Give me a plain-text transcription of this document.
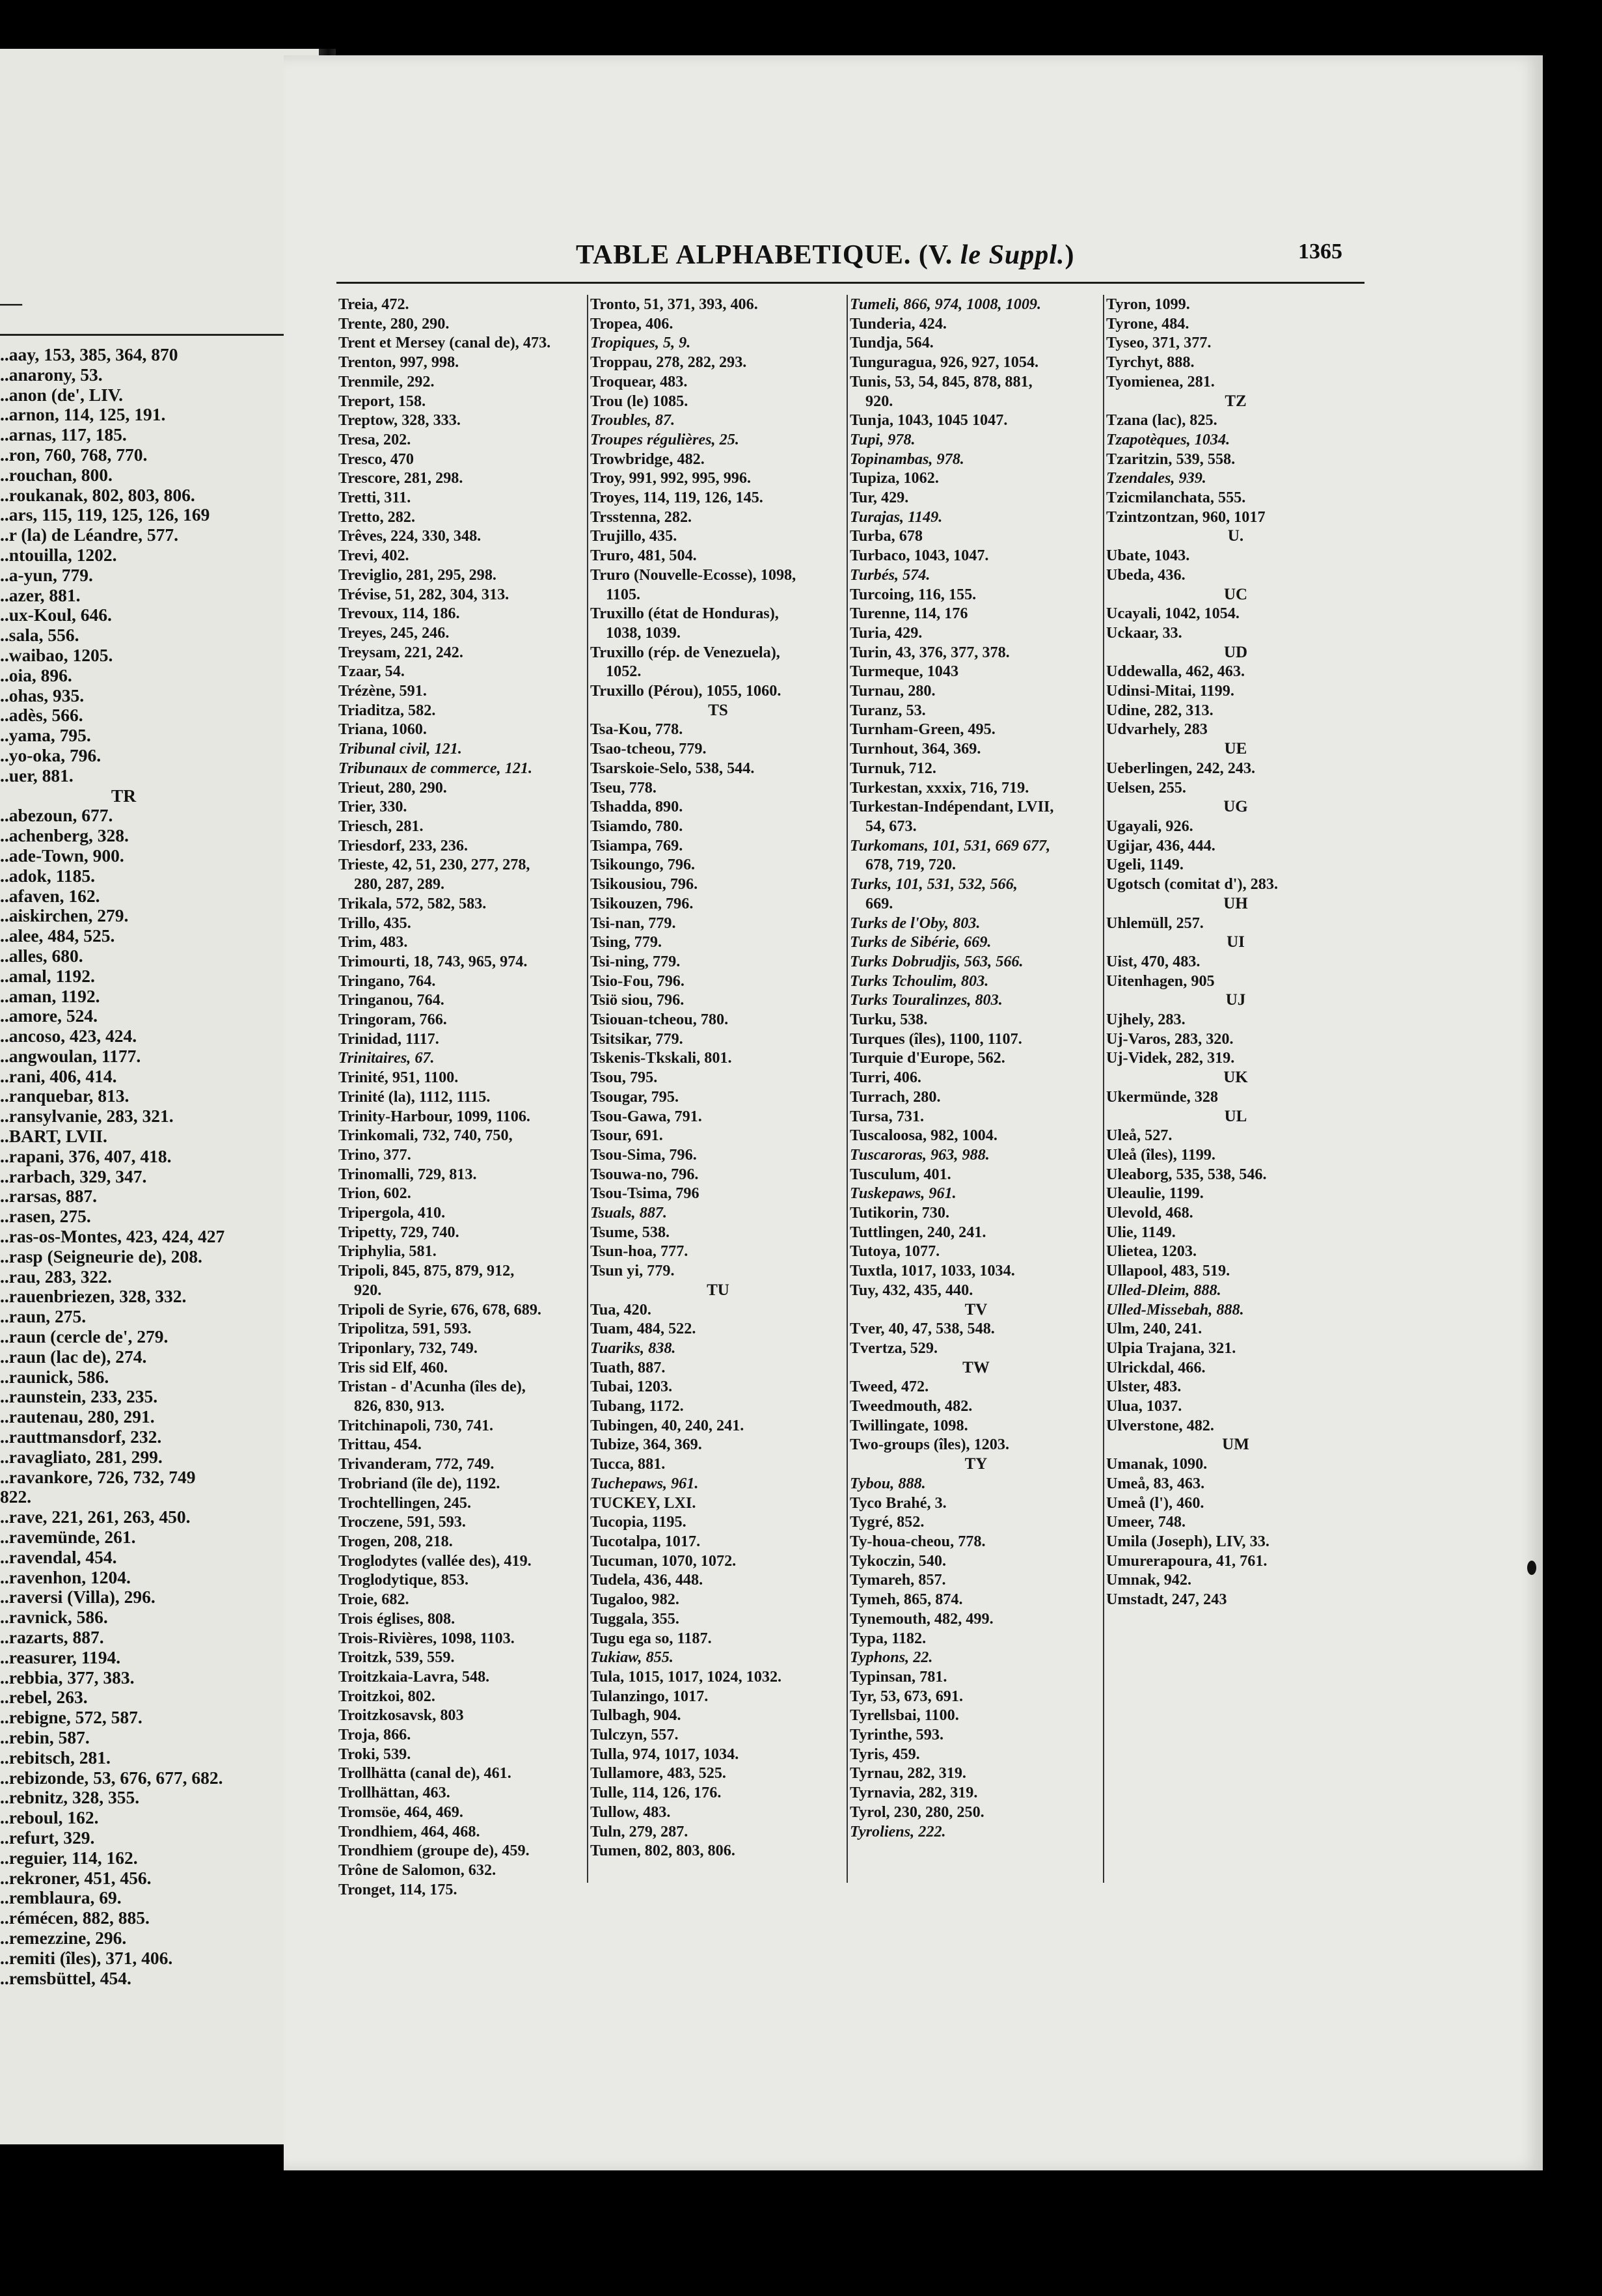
—
..aay, 153, 385, 364, 870
..anarony, 53.
..anon (de', LIV.
..arnon, 114, 125, 191.
..arnas, 117, 185.
..ron, 760, 768, 770.
..rouchan, 800.
..roukanak, 802, 803, 806.
..ars, 115, 119, 125, 126, 169
..r (la) de Léandre, 577.
..ntouilla, 1202.
..a-yun, 779.
..azer, 881.
..ux-Koul, 646.
..sala, 556.
..waibao, 1205.
..oia, 896.
..ohas, 935.
..adès, 566.
..yama, 795.
..yo-oka, 796.
..uer, 881.
TR
..abezoun, 677.
..achenberg, 328.
..ade-Town, 900.
..adok, 1185.
..afaven, 162.
..aiskirchen, 279.
..alee, 484, 525.
..alles, 680.
..amal, 1192.
..aman, 1192.
..amore, 524.
..ancoso, 423, 424.
..angwoulan, 1177.
..rani, 406, 414.
..ranquebar, 813.
..ransylvanie, 283, 321.
..BART, LVII.
..rapani, 376, 407, 418.
..rarbach, 329, 347.
..rarsas, 887.
..rasen, 275.
..ras-os-Montes, 423, 424, 427
..rasp (Seigneurie de), 208.
..rau, 283, 322.
..rauenbriezen, 328, 332.
..raun, 275.
..raun (cercle de', 279.
..raun (lac de), 274.
..raunick, 586.
..raunstein, 233, 235.
..rautenau, 280, 291.
..rauttmansdorf, 232.
..ravagliato, 281, 299.
..ravankore, 726, 732, 749
822.
..rave, 221, 261, 263, 450.
..ravemünde, 261.
..ravendal, 454.
..ravenhon, 1204.
..raversi (Villa), 296.
..ravnick, 586.
..razarts, 887.
..reasurer, 1194.
..rebbia, 377, 383.
..rebel, 263.
..rebigne, 572, 587.
..rebin, 587.
..rebitsch, 281.
..rebizonde, 53, 676, 677, 682.
..rebnitz, 328, 355.
..reboul, 162.
..refurt, 329.
..reguier, 114, 162.
..rekroner, 451, 456.
..remblaura, 69.
..rémécen, 882, 885.
..remezzine, 296.
..remiti (îles), 371, 406.
..remsbüttel, 454.
TABLE ALPHABETIQUE. (V. le Suppl.)	1365
Treia, 472.
Trente, 280, 290.
Trent et Mersey (canal de), 473.
Trenton, 997, 998.
Trenmile, 292.
Treport, 158.
Treptow, 328, 333.
Tresa, 202.
Tresco, 470
Trescore, 281, 298.
Tretti, 311.
Tretto, 282.
Trêves, 224, 330, 348.
Trevi, 402.
Treviglio, 281, 295, 298.
Trévise, 51, 282, 304, 313.
Trevoux, 114, 186.
Treyes, 245, 246.
Treysam, 221, 242.
Tzaar, 54.
Trézène, 591.
Triaditza, 582.
Triana, 1060.
Tribunal civil, 121.
Tribunaux de commerce, 121.
Trieut, 280, 290.
Trier, 330.
Triesch, 281.
Triesdorf, 233, 236.
Trieste, 42, 51, 230, 277, 278,
280, 287, 289.
Trikala, 572, 582, 583.
Trillo, 435.
Trim, 483.
Trimourti, 18, 743, 965, 974.
Tringano, 764.
Tringanou, 764.
Tringoram, 766.
Trinidad, 1117.
Trinitaires, 67.
Trinité, 951, 1100.
Trinité (la), 1112, 1115.
Trinity-Harbour, 1099, 1106.
Trinkomali, 732, 740, 750,
Trino, 377.
Trinomalli, 729, 813.
Trion, 602.
Tripergola, 410.
Tripetty, 729, 740.
Triphylia, 581.
Tripoli, 845, 875, 879, 912,
920.
Tripoli de Syrie, 676, 678, 689.
Tripolitza, 591, 593.
Triponlary, 732, 749.
Tris sid Elf, 460.
Tristan - d'Acunha (îles de),
826, 830, 913.
Tritchinapoli, 730, 741.
Trittau, 454.
Trivanderam, 772, 749.
Trobriand (île de), 1192.
Trochtellingen, 245.
Troczene, 591, 593.
Trogen, 208, 218.
Troglodytes (vallée des), 419.
Troglodytique, 853.
Troie, 682.
Trois églises, 808.
Trois-Rivières, 1098, 1103.
Troitzk, 539, 559.
Troitzkaia-Lavra, 548.
Troitzkoi, 802.
Troitzkosavsk, 803
Troja, 866.
Troki, 539.
Trollhätta (canal de), 461.
Trollhättan, 463.
Tromsöe, 464, 469.
Trondhiem, 464, 468.
Trondhiem (groupe de), 459.
Trône de Salomon, 632.
Tronget, 114, 175.
Tronto, 51, 371, 393, 406.
Tropea, 406.
Tropiques, 5, 9.
Troppau, 278, 282, 293.
Troquear, 483.
Trou (le) 1085.
Troubles, 87.
Troupes régulières, 25.
Trowbridge, 482.
Troy, 991, 992, 995, 996.
Troyes, 114, 119, 126, 145.
Trsstenna, 282.
Trujillo, 435.
Truro, 481, 504.
Truro (Nouvelle-Ecosse), 1098,
1105.
Truxillo (état de Honduras),
1038, 1039.
Truxillo (rép. de Venezuela),
1052.
Truxillo (Pérou), 1055, 1060.
TS
Tsa-Kou, 778.
Tsao-tcheou, 779.
Tsarskoie-Selo, 538, 544.
Tseu, 778.
Tshadda, 890.
Tsiamdo, 780.
Tsiampa, 769.
Tsikoungo, 796.
Tsikousiou, 796.
Tsikouzen, 796.
Tsi-nan, 779.
Tsing, 779.
Tsi-ning, 779.
Tsio-Fou, 796.
Tsiö siou, 796.
Tsiouan-tcheou, 780.
Tsitsikar, 779.
Tskenis-Tkskali, 801.
Tsou, 795.
Tsougar, 795.
Tsou-Gawa, 791.
Tsour, 691.
Tsou-Sima, 796.
Tsouwa-no, 796.
Tsou-Tsima, 796
Tsuals, 887.
Tsume, 538.
Tsun-hoa, 777.
Tsun yi, 779.
TU
Tua, 420.
Tuam, 484, 522.
Tuariks, 838.
Tuath, 887.
Tubai, 1203.
Tubang, 1172.
Tubingen, 40, 240, 241.
Tubize, 364, 369.
Tucca, 881.
Tuchepaws, 961.
TUCKEY, LXI.
Tucopia, 1195.
Tucotalpa, 1017.
Tucuman, 1070, 1072.
Tudela, 436, 448.
Tugaloo, 982.
Tuggala, 355.
Tugu ega so, 1187.
Tukiaw, 855.
Tula, 1015, 1017, 1024, 1032.
Tulanzingo, 1017.
Tulbagh, 904.
Tulczyn, 557.
Tulla, 974, 1017, 1034.
Tullamore, 483, 525.
Tulle, 114, 126, 176.
Tullow, 483.
Tuln, 279, 287.
Tumen, 802, 803, 806.
Tumeli, 866, 974, 1008, 1009.
Tunderia, 424.
Tundja, 564.
Tunguragua, 926, 927, 1054.
Tunis, 53, 54, 845, 878, 881,
920.
Tunja, 1043, 1045 1047.
Tupi, 978.
Topinambas, 978.
Tupiza, 1062.
Tur, 429.
Turajas, 1149.
Turba, 678
Turbaco, 1043, 1047.
Turbés, 574.
Turcoing, 116, 155.
Turenne, 114, 176
Turia, 429.
Turin, 43, 376, 377, 378.
Turmeque, 1043
Turnau, 280.
Turanz, 53.
Turnham-Green, 495.
Turnhout, 364, 369.
Turnuk, 712.
Turkestan, xxxix, 716, 719.
Turkestan-Indépendant, LVII,
54, 673.
Turkomans, 101, 531, 669 677,
678, 719, 720.
Turks, 101, 531, 532, 566,
669.
Turks de l'Oby, 803.
Turks de Sibérie, 669.
Turks Dobrudjis, 563, 566.
Turks Tchoulim, 803.
Turks Touralinzes, 803.
Turku, 538.
Turques (îles), 1100, 1107.
Turquie d'Europe, 562.
Turri, 406.
Turrach, 280.
Tursa, 731.
Tuscaloosa, 982, 1004.
Tuscaroras, 963, 988.
Tusculum, 401.
Tuskepaws, 961.
Tutikorin, 730.
Tuttlingen, 240, 241.
Tutoya, 1077.
Tuxtla, 1017, 1033, 1034.
Tuy, 432, 435, 440.
TV
Tver, 40, 47, 538, 548.
Tvertza, 529.
TW
Tweed, 472.
Tweedmouth, 482.
Twillingate, 1098.
Two-groups (îles), 1203.
TY
Tybou, 888.
Tyco Brahé, 3.
Tygré, 852.
Ty-houa-cheou, 778.
Tykoczin, 540.
Tymareh, 857.
Tymeh, 865, 874.
Tynemouth, 482, 499.
Typa, 1182.
Typhons, 22.
Typinsan, 781.
Tyr, 53, 673, 691.
Tyrellsbai, 1100.
Tyrinthe, 593.
Tyris, 459.
Tyrnau, 282, 319.
Tyrnavia, 282, 319.
Tyrol, 230, 280, 250.
Tyroliens, 222.
Tyron, 1099.
Tyrone, 484.
Tyseo, 371, 377.
Tyrchyt, 888.
Tyomienea, 281.
TZ
Tzana (lac), 825.
Tzapotèques, 1034.
Tzaritzin, 539, 558.
Tzendales, 939.
Tzicmilanchata, 555.
Tzintzontzan, 960, 1017
U.
Ubate, 1043.
Ubeda, 436.
UC
Ucayali, 1042, 1054.
Uckaar, 33.
UD
Uddewalla, 462, 463.
Udinsi-Mitai, 1199.
Udine, 282, 313.
Udvarhely, 283
UE
Ueberlingen, 242, 243.
Uelsen, 255.
UG
Ugayali, 926.
Ugijar, 436, 444.
Ugeli, 1149.
Ugotsch (comitat d'), 283.
UH
Uhlemüll, 257.
UI
Uist, 470, 483.
Uitenhagen, 905
UJ
Ujhely, 283.
Uj-Varos, 283, 320.
Uj-Videk, 282, 319.
UK
Ukermünde, 328
UL
Uleå, 527.
Uleå (îles), 1199.
Uleaborg, 535, 538, 546.
Uleaulie, 1199.
Ulevold, 468.
Ulie, 1149.
Ulietea, 1203.
Ullapool, 483, 519.
Ulled-Dleim, 888.
Ulled-Missebah, 888.
Ulm, 240, 241.
Ulpia Trajana, 321.
Ulrickdal, 466.
Ulster, 483.
Ulua, 1037.
Ulverstone, 482.
UM
Umanak, 1090.
Umeå, 83, 463.
Umeå (l'), 460.
Umeer, 748.
Umila (Joseph), LIV, 33.
Umurerapoura, 41, 761.
Umnak, 942.
Umstadt, 247, 243
